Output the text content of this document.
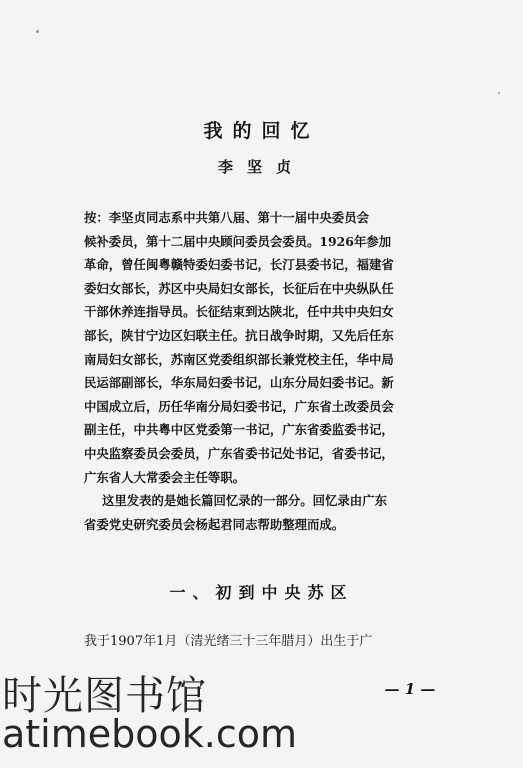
我的回忆
李坚贞
按：李坚贞同志系中共第八届、第十一届中央委员会
候补委员，第十二届中央顾问委员会委员。1926年参加
革命，曾任闽粤赣特委妇委书记，长汀县委书记，福建省
委妇女部长，苏区中央局妇女部长，长征后在中央纵队任
干部休养连指导员。长征结束到达陕北，任中共中央妇女
部长，陕甘宁边区妇联主任。抗日战争时期，又先后任东
南局妇女部长，苏南区党委组织部长兼党校主任，华中局
民运部副部长，华东局妇委书记，山东分局妇委书记。新
中国成立后，历任华南分局妇委书记，广东省土改委员会
副主任，中共粤中区党委第一书记，广东省委监委书记，
中央监察委员会委员，广东省委书记处书记，省委书记，
广东省人大常委会主任等职。
这里发表的是她长篇回忆录的一部分。回忆录由广东
省委党史研究委员会杨起君同志帮助整理而成。
一、初到中央苏区
我于1907年1月（清光绪三十三年腊月）出生于广
— 1 —
时光图书馆
atimebook.com
